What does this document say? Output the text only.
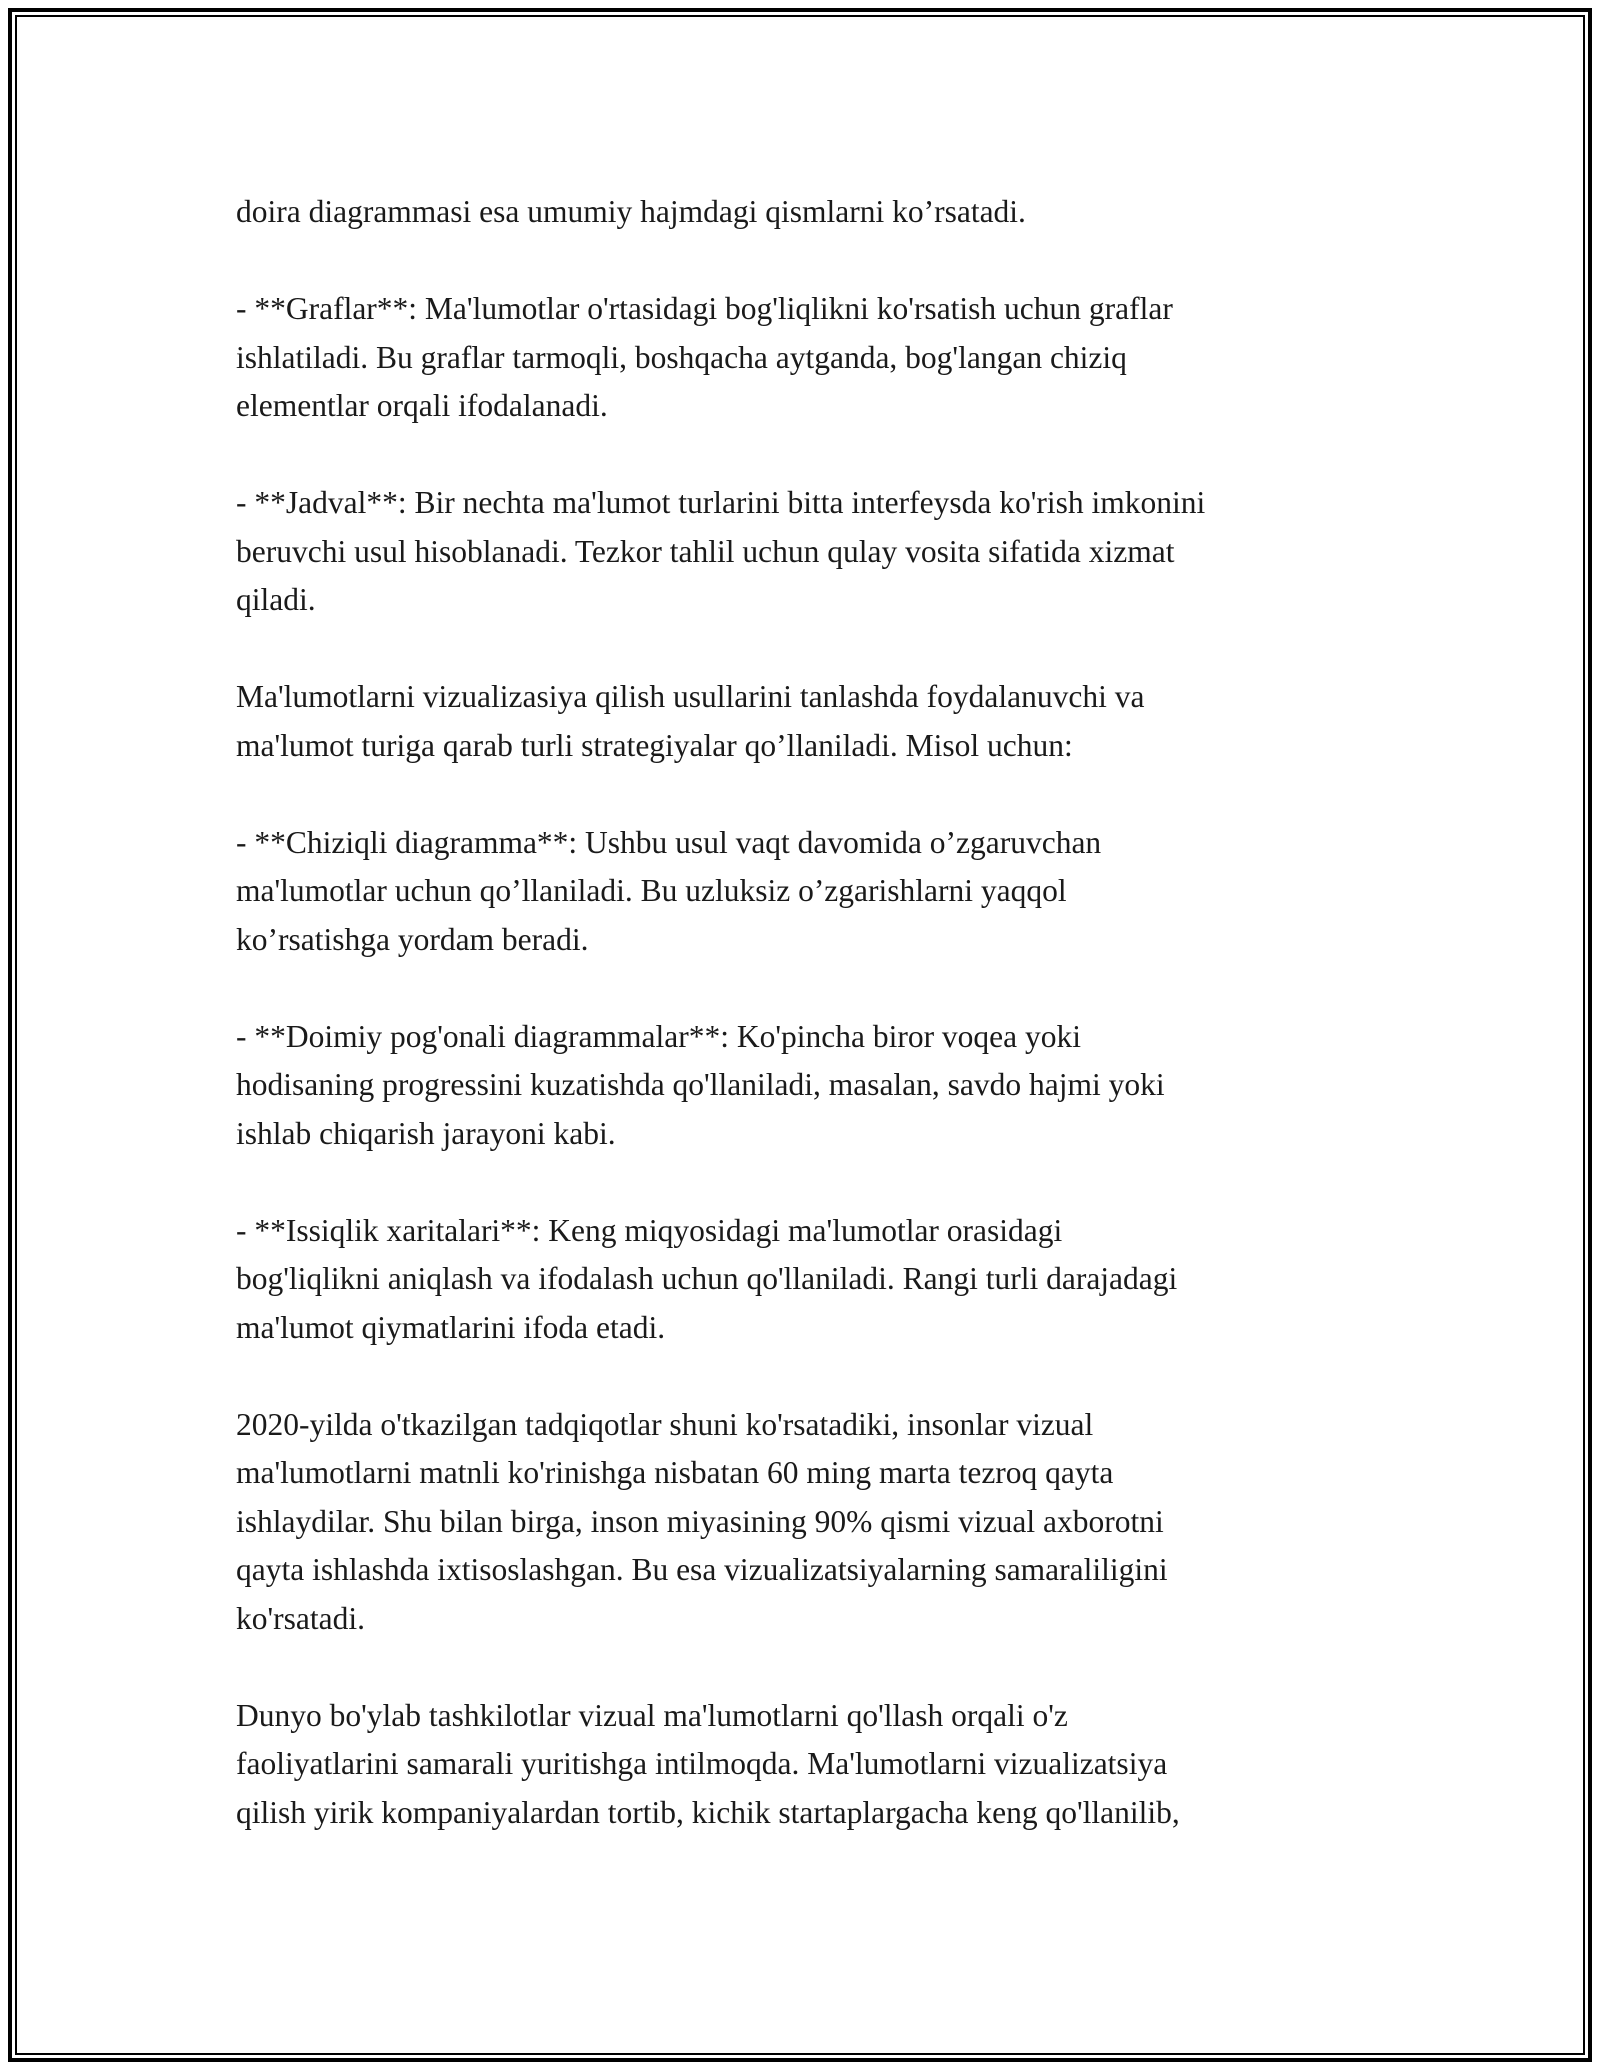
doira diagrammasi esa umumiy hajmdagi qismlarni ko’rsatadi.

- **Graflar**: Ma'lumotlar o'rtasidagi bog'liqlikni ko'rsatish uchun graflar
ishlatiladi. Bu graflar tarmoqli, boshqacha aytganda, bog'langan chiziq
elementlar orqali ifodalanadi.

- **Jadval**: Bir nechta ma'lumot turlarini bitta interfeysda ko'rish imkonini
beruvchi usul hisoblanadi. Tezkor tahlil uchun qulay vosita sifatida xizmat
qiladi.

Ma'lumotlarni vizualizasiya qilish usullarini tanlashda foydalanuvchi va
ma'lumot turiga qarab turli strategiyalar qo’llaniladi. Misol uchun:

- **Chiziqli diagramma**: Ushbu usul vaqt davomida o’zgaruvchan
ma'lumotlar uchun qo’llaniladi. Bu uzluksiz o’zgarishlarni yaqqol
ko’rsatishga yordam beradi.

- **Doimiy pog'onali diagrammalar**: Ko'pincha biror voqea yoki
hodisaning progressini kuzatishda qo'llaniladi, masalan, savdo hajmi yoki
ishlab chiqarish jarayoni kabi.

- **Issiqlik xaritalari**: Keng miqyosidagi ma'lumotlar orasidagi
bog'liqlikni aniqlash va ifodalash uchun qo'llaniladi. Rangi turli darajadagi
ma'lumot qiymatlarini ifoda etadi.

2020-yilda o'tkazilgan tadqiqotlar shuni ko'rsatadiki, insonlar vizual
ma'lumotlarni matnli ko'rinishga nisbatan 60 ming marta tezroq qayta
ishlaydilar. Shu bilan birga, inson miyasining 90% qismi vizual axborotni
qayta ishlashda ixtisoslashgan. Bu esa vizualizatsiyalarning samaraliligini
ko'rsatadi.

Dunyo bo'ylab tashkilotlar vizual ma'lumotlarni qo'llash orqali o'z
faoliyatlarini samarali yuritishga intilmoqda. Ma'lumotlarni vizualizatsiya
qilish yirik kompaniyalardan tortib, kichik startaplargacha keng qo'llanilib,
